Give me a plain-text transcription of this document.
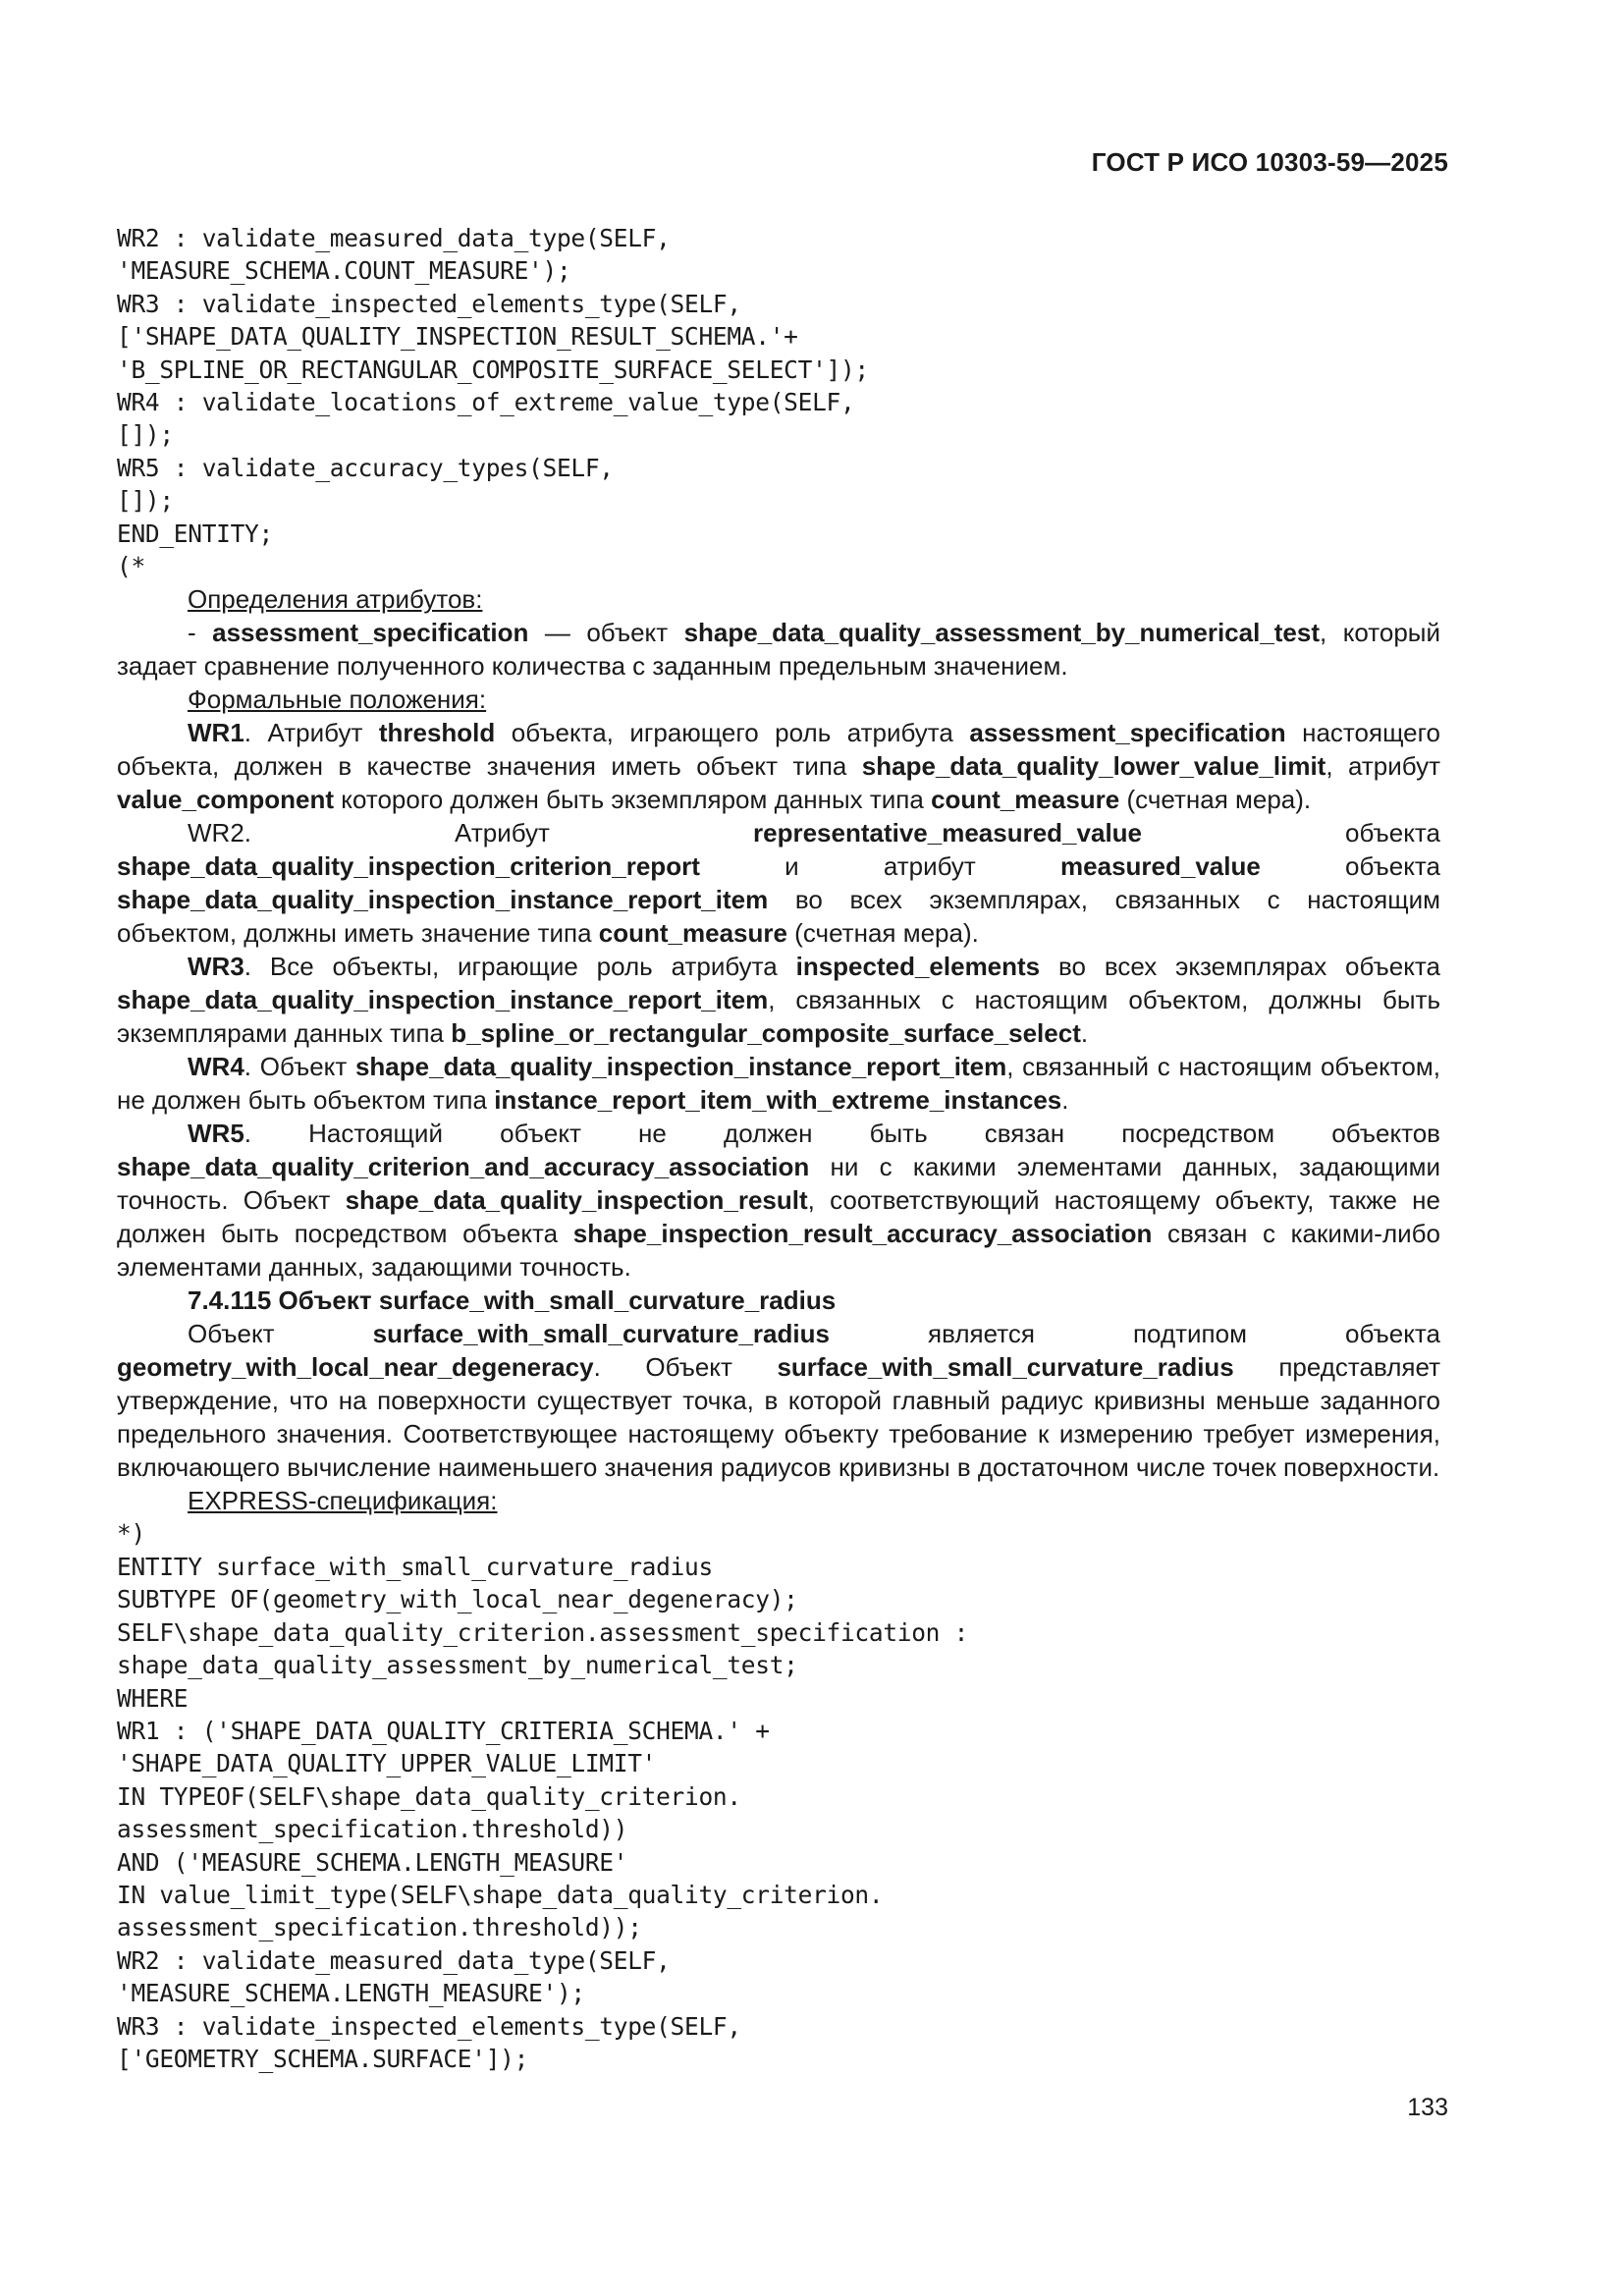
ГОСТ Р ИСО 10303-59—2025
WR2 : validate_measured_data_type(SELF,
'MEASURE_SCHEMA.COUNT_MEASURE');
WR3 : validate_inspected_elements_type(SELF,
['SHAPE_DATA_QUALITY_INSPECTION_RESULT_SCHEMA.'+
'B_SPLINE_OR_RECTANGULAR_COMPOSITE_SURFACE_SELECT']);
WR4 : validate_locations_of_extreme_value_type(SELF,
[]);
WR5 : validate_accuracy_types(SELF,
[]);
END_ENTITY;
(*

Определения атрибутов:

- assessment_specification — объект shape_data_quality_assessment_by_numerical_test, который задает сравнение полученного количества с заданным предельным значением.

Формальные положения:

WR1. Атрибут threshold объекта, играющего роль атрибута assessment_specification настоящего объекта, должен в качестве значения иметь объект типа shape_data_quality_lower_value_limit, атрибут value_component которого должен быть экземпляром данных типа count_measure (счетная мера).

WR2. Атрибут representative_measured_value объекта shape_data_quality_inspection_criterion_report и атрибут measured_value объекта shape_data_quality_inspection_instance_report_item во всех экземплярах, связанных с настоящим объектом, должны иметь значение типа count_measure (счетная мера).

WR3. Все объекты, играющие роль атрибута inspected_elements во всех экземплярах объекта shape_data_quality_inspection_instance_report_item, связанных с настоящим объектом, должны быть экземплярами данных типа b_spline_or_rectangular_composite_surface_select.

WR4. Объект shape_data_quality_inspection_instance_report_item, связанный с настоящим объектом, не должен быть объектом типа instance_report_item_with_extreme_instances.

WR5. Настоящий объект не должен быть связан посредством объектов shape_data_quality_criterion_and_accuracy_association ни с какими элементами данных, задающими точность. Объект shape_data_quality_inspection_result, соответствующий настоящему объекту, также не должен быть посредством объекта shape_inspection_result_accuracy_association связан с какими-либо элементами данных, задающими точность.

7.4.115 Объект surface_with_small_curvature_radius

Объект surface_with_small_curvature_radius является подтипом объекта geometry_with_local_near_degeneracy. Объект surface_with_small_curvature_radius представляет утверждение, что на поверхности существует точка, в которой главный радиус кривизны меньше заданного предельного значения. Соответствующее настоящему объекту требование к измерению требует измерения, включающего вычисление наименьшего значения радиусов кривизны в достаточном числе точек поверхности.

EXPRESS-спецификация:

*)
ENTITY surface_with_small_curvature_radius
SUBTYPE OF(geometry_with_local_near_degeneracy);
SELF\shape_data_quality_criterion.assessment_specification :
shape_data_quality_assessment_by_numerical_test;
WHERE
WR1 : ('SHAPE_DATA_QUALITY_CRITERIA_SCHEMA.' +
'SHAPE_DATA_QUALITY_UPPER_VALUE_LIMIT'
IN TYPEOF(SELF\shape_data_quality_criterion.
assessment_specification.threshold))
AND ('MEASURE_SCHEMA.LENGTH_MEASURE'
IN value_limit_type(SELF\shape_data_quality_criterion.
assessment_specification.threshold));
WR2 : validate_measured_data_type(SELF,
'MEASURE_SCHEMA.LENGTH_MEASURE');
WR3 : validate_inspected_elements_type(SELF,
['GEOMETRY_SCHEMA.SURFACE']);
133
